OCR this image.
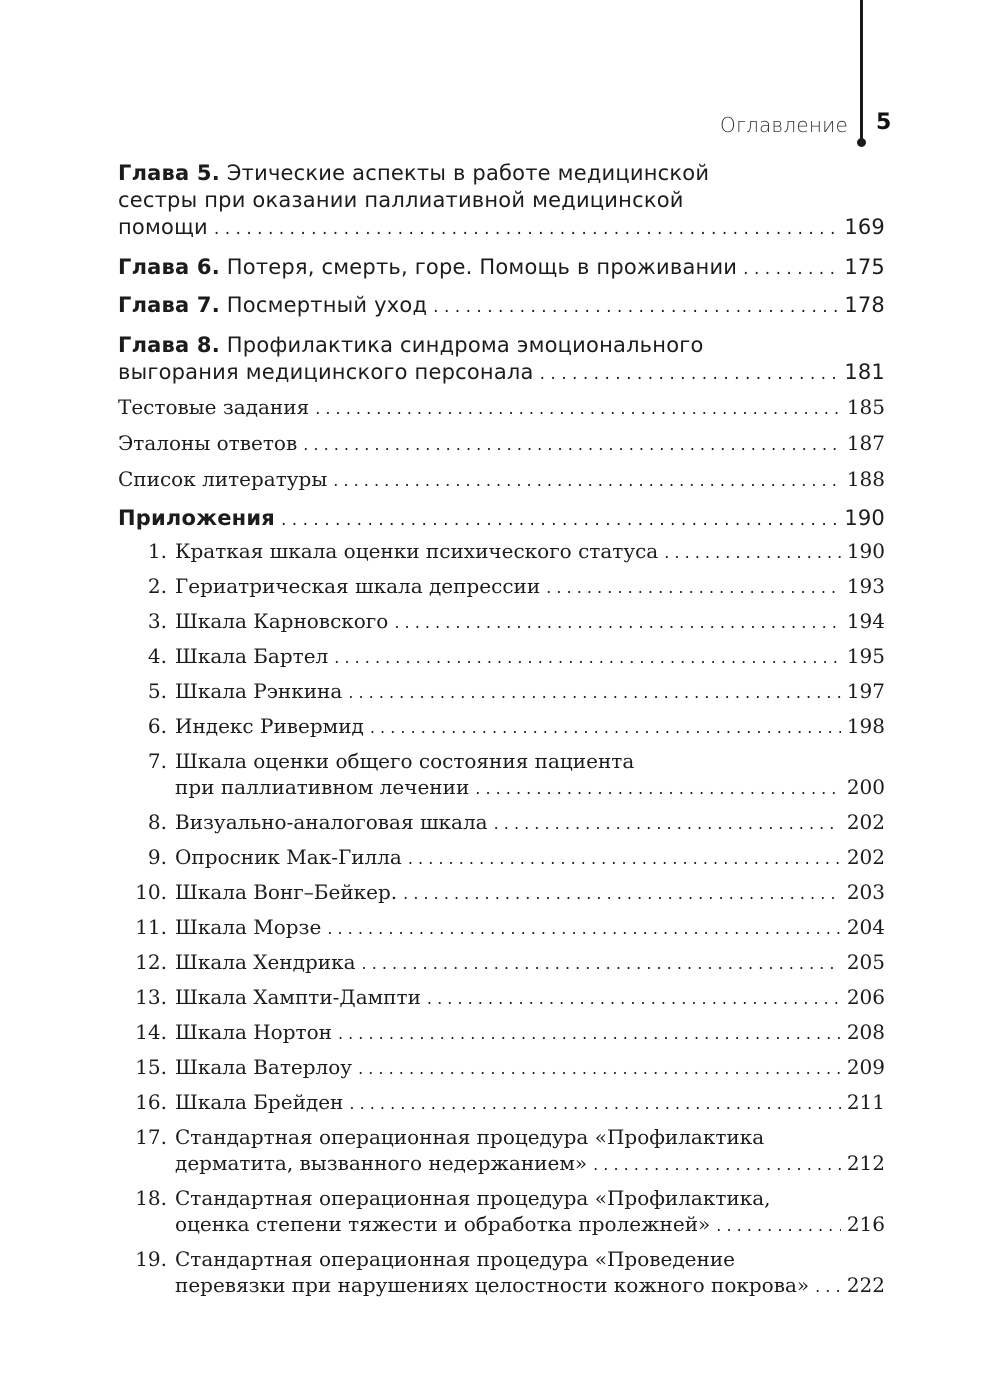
Оглавление 5
Глава 5. Этические аспекты в работе медицинской
сестры при оказании паллиативной медицинской
помощи . . .	169
Глава 6. Потеря, смерть, горе. Помощь в проживании . . .	175
Глава 7. Посмертный уход . . .	178
Глава 8. Профилактика синдрома эмоционального
выгорания медицинского персонала . . .	181
Тестовые задания . . .	185
Эталоны ответов . . .	187
Список литературы . . .	188
Приложения . . .	190
1. Краткая шкала оценки психического статуса . . .	190
2. Гериатрическая шкала депрессии . . .	193
3. Шкала Карновского . . .	194
4. Шкала Бартел . . .	195
5. Шкала Рэнкина . . .	197
6. Индекс Ривермид . . .	198
7. Шкала оценки общего состояния пациента
при паллиативном лечении . . .	200
8. Визуально-аналоговая шкала . . .	202
9. Опросник Мак-Гилла . . .	202
10. Шкала Вонг–Бейкер. . . .	203
11. Шкала Морзе . . .	204
12. Шкала Хендрика . . .	205
13. Шкала Хампти-Дампти . . .	206
14. Шкала Нортон . . .	208
15. Шкала Ватерлоу . . .	209
16. Шкала Брейден . . .	211
17. Стандартная операционная процедура «Профилактика
дерматита, вызванного недержанием» . . .	212
18. Стандартная операционная процедура «Профилактика,
оценка степени тяжести и обработка пролежней» . . .	216
19. Стандартная операционная процедура «Проведение
перевязки при нарушениях целостности кожного покрова» . . . 222
